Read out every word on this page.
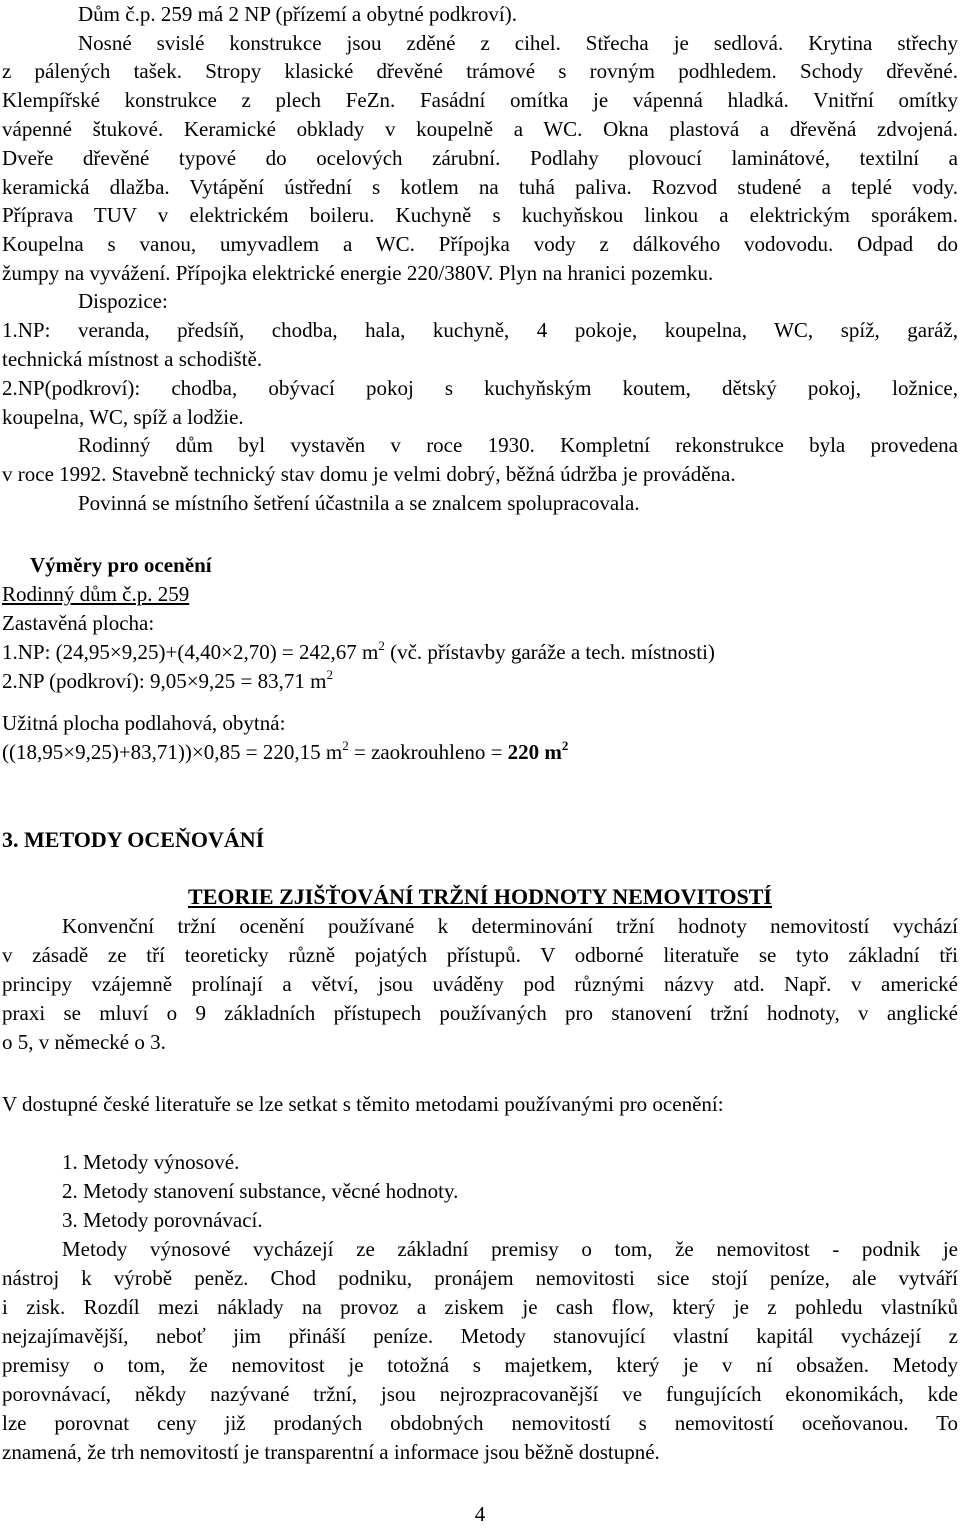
Dům č.p. 259 má 2 NP (přízemí a obytné podkroví).

Nosné svislé konstrukce jsou zděné z cihel. Střecha je sedlová. Krytina střechy

z pálených tašek. Stropy klasické dřevěné trámové s rovným podhledem. Schody dřevěné.

Klempířské konstrukce z plech FeZn. Fasádní omítka je vápenná hladká. Vnitřní omítky

vápenné štukové. Keramické obklady v koupelně a WC. Okna plastová a dřevěná zdvojená.

Dveře dřevěné typové do ocelových zárubní. Podlahy plovoucí laminátové, textilní a

keramická dlažba. Vytápění ústřední s kotlem na tuhá paliva. Rozvod studené a teplé vody.

Příprava TUV v elektrickém boileru. Kuchyně s kuchyňskou linkou a elektrickým sporákem.

Koupelna s vanou, umyvadlem a WC. Přípojka vody z dálkového vodovodu. Odpad do

žumpy na vyvážení. Přípojka elektrické energie 220/380V. Plyn na hranici pozemku.

Dispozice:

1.NP: veranda, předsíň, chodba, hala, kuchyně, 4 pokoje, koupelna, WC, spíž, garáž,

technická místnost a schodiště.

2.NP(podkroví): chodba, obývací pokoj s kuchyňským koutem, dětský pokoj, ložnice,

koupelna, WC, spíž a lodžie.

Rodinný dům byl vystavěn v roce 1930. Kompletní rekonstrukce byla provedena

v roce 1992. Stavebně technický stav domu je velmi dobrý, běžná údržba je prováděna.

Povinná se místního šetření účastnila a se znalcem spolupracovala.

Výměry pro ocenění

Rodinný dům č.p. 259

Zastavěná plocha:

1.NP: (24,95×9,25)+(4,40×2,70) = 242,67 $m^2$ (vč. přístavby garáže a tech. místnosti)

2.NP (podkroví): 9,05×9,25 = 83,71 $m^2$

Užitná plocha podlahová, obytná:

((18,95×9,25)+83,71))×0,85 = 220,15 $m^2$ = zaokrouhleno = 220 $m^2$

3. METODY OCEŇOVÁNÍ

TEORIE ZJIŠŤOVÁNÍ TRŽNÍ HODNOTY NEMOVITOSTÍ

Konvenční tržní ocenění používané k determinování tržní hodnoty nemovitostí vychází

v zásadě ze tří teoreticky různě pojatých přístupů. V odborné literatuře se tyto základní tři

principy vzájemně prolínají a větví, jsou uváděny pod různými názvy atd. Např. v americké

praxi se mluví o 9 základních přístupech používaných pro stanovení tržní hodnoty, v anglické

o 5, v německé o 3.

V dostupné české literatuře se lze setkat s těmito metodami používanými pro ocenění:

1. Metody výnosové.

2. Metody stanovení substance, věcné hodnoty.

3. Metody porovnávací.

Metody výnosové vycházejí ze základní premisy o tom, že nemovitost - podnik je

nástroj k výrobě peněz. Chod podniku, pronájem nemovitosti sice stojí peníze, ale vytváří

i zisk. Rozdíl mezi náklady na provoz a ziskem je cash flow, který je z pohledu vlastníků

nejzajímavější, neboť jim přináší peníze. Metody stanovující vlastní kapitál vycházejí z

premisy o tom, že nemovitost je totožná s majetkem, který je v ní obsažen. Metody

porovnávací, někdy nazývané tržní, jsou nejrozpracovanější ve fungujících ekonomikách, kde

lze porovnat ceny již prodaných obdobných nemovitostí s nemovitostí oceňovanou. To

znamená, že trh nemovitostí je transparentní a informace jsou běžně dostupné.

4
